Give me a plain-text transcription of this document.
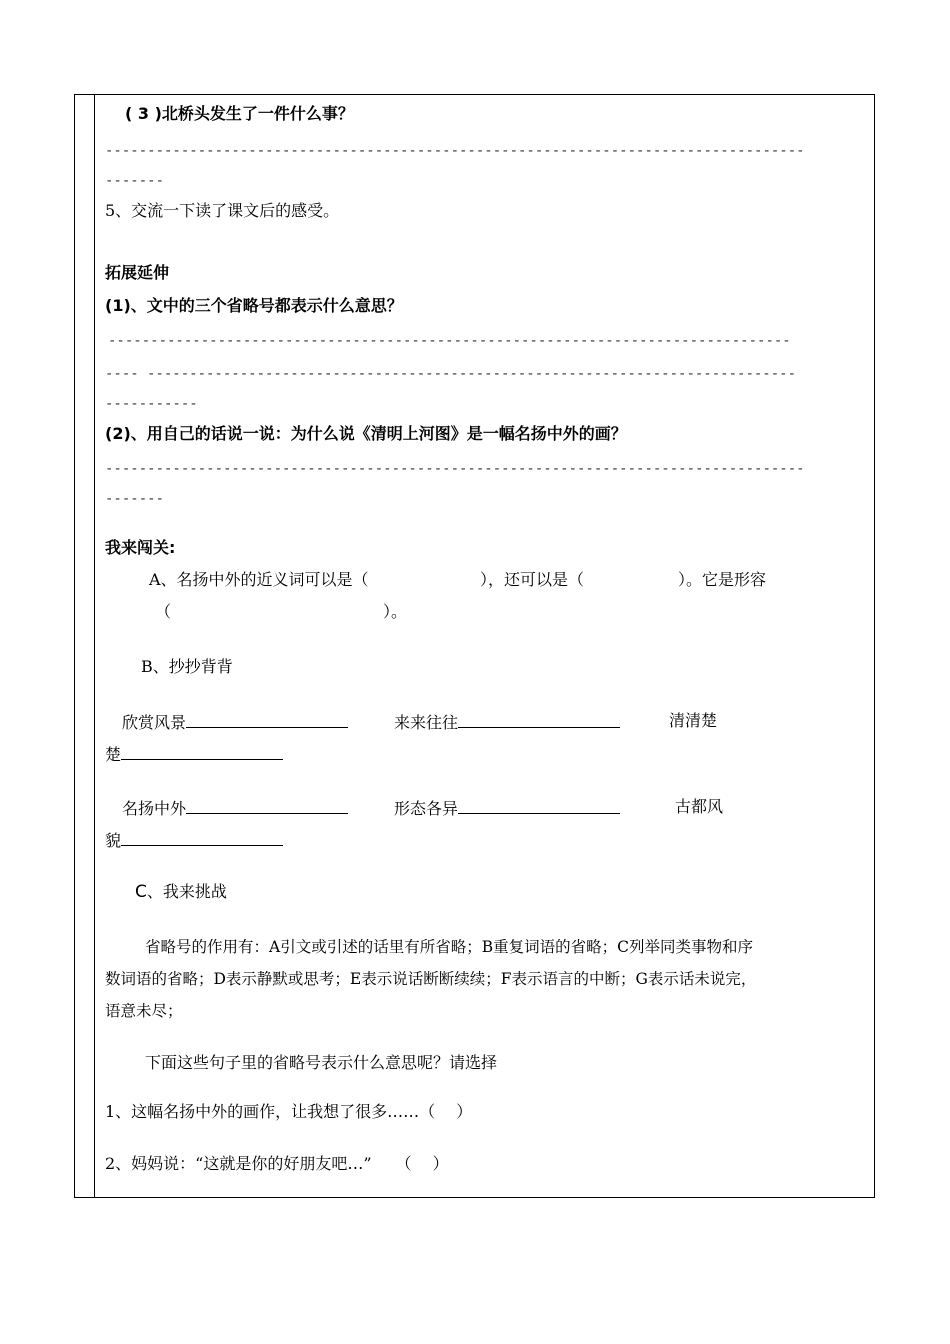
( 3 )北桥头发生了一件什么事？
-----------------------------------------------------------------------------------
-------
5、交流一下读了课文后的感受。
拓展延伸
(1)、文中的三个省略号都表示什么意思？
---------------------------------------------------------------------------------
---- -----------------------------------------------------------------------------
-----------
(2)、用自己的话说一说：为什么说《清明上河图》是一幅名扬中外的画？
-----------------------------------------------------------------------------------
-------
我来闯关:
A、名扬中外的近义词可以是（	），还可以是（	）。它是形容
（	）。
B、抄抄背背
欣赏风景	来来往往	清清楚
楚
名扬中外	形态各异	古都风
貌
C、我来挑战
省略号的作用有：A引文或引述的话里有所省略；B重复词语的省略；C列举同类事物和序
数词语的省略；D表示静默或思考；E表示说话断断续续；F表示语言的中断；G表示话未说完，
语意未尽；
下面这些句子里的省略号表示什么意思呢？请选择
1、这幅名扬中外的画作，让我想了很多……（　 ）
2、妈妈说：“这就是你的好朋友吧…”　　（　 ）
